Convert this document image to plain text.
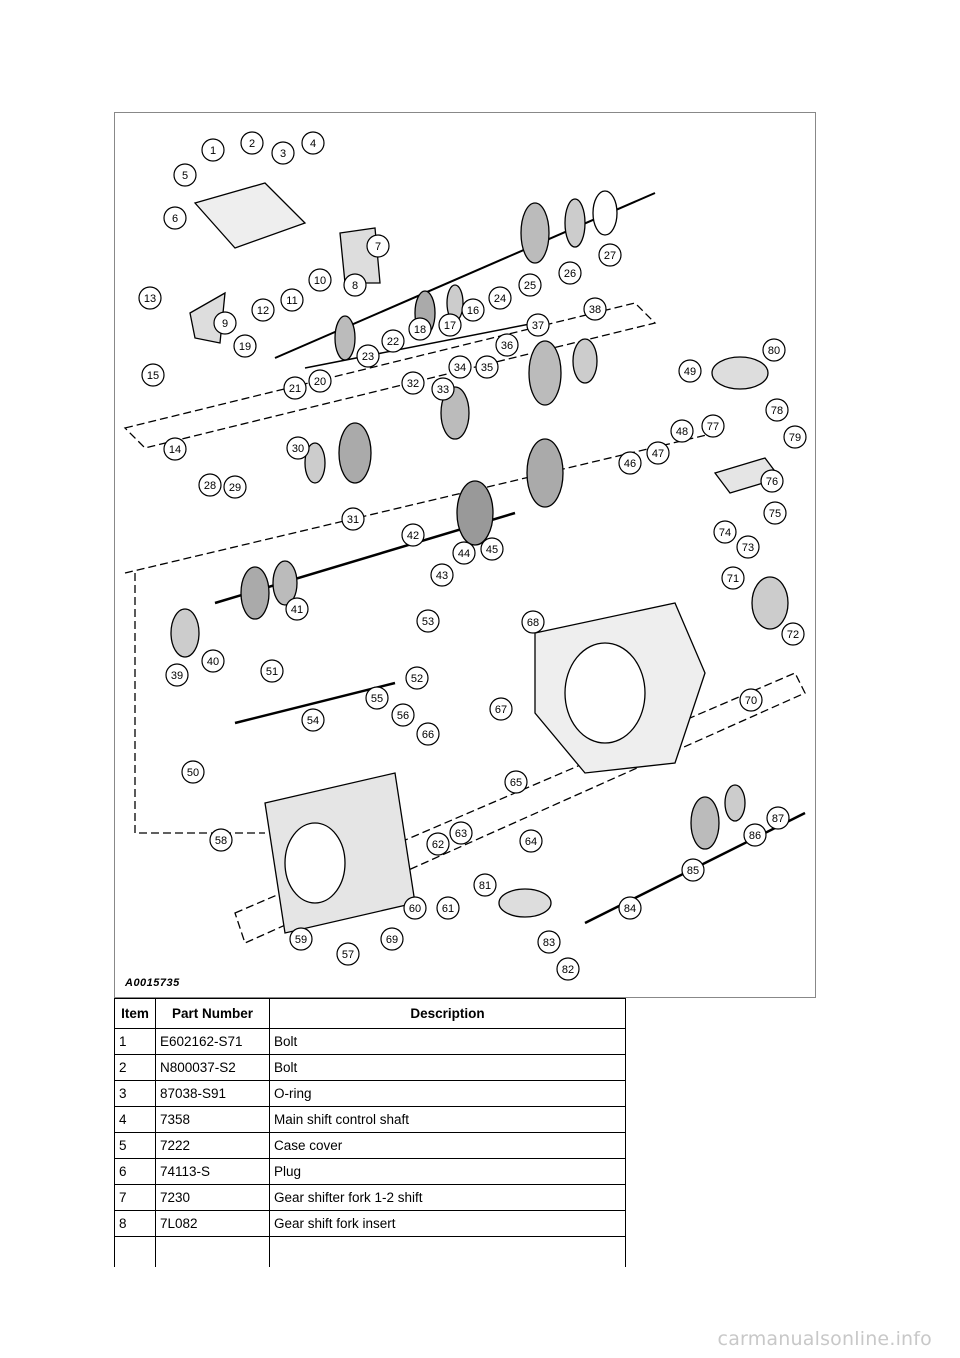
1
2
3
4
5
6
7
8
9
10
11
12
13
14
15
16
17
18
19
20
21
22
23
24
25
26
27
28 29
30
31
32 33
34 35
36
37
38
39
40
41
42
43
44 45
46
47
48
49
50
51
52
53
54
55
56
57
58
59
60 61
62
63
64
65
66
67
68
69
70
71
72
73
74
75
76
77
78
79
80
81
82
83
84
85
86
87
A0015735
Item	Part Number	Description
1	E602162-S71	Bolt
2	N800037-S2	Bolt
3	87038-S91	O-ring
4	7358	Main shift control shaft
5	7222	Case cover
6	74113-S	Plug
7	7230	Gear shifter fork 1-2 shift
8	7L082	Gear shift fork insert

carmanualsonline.info
